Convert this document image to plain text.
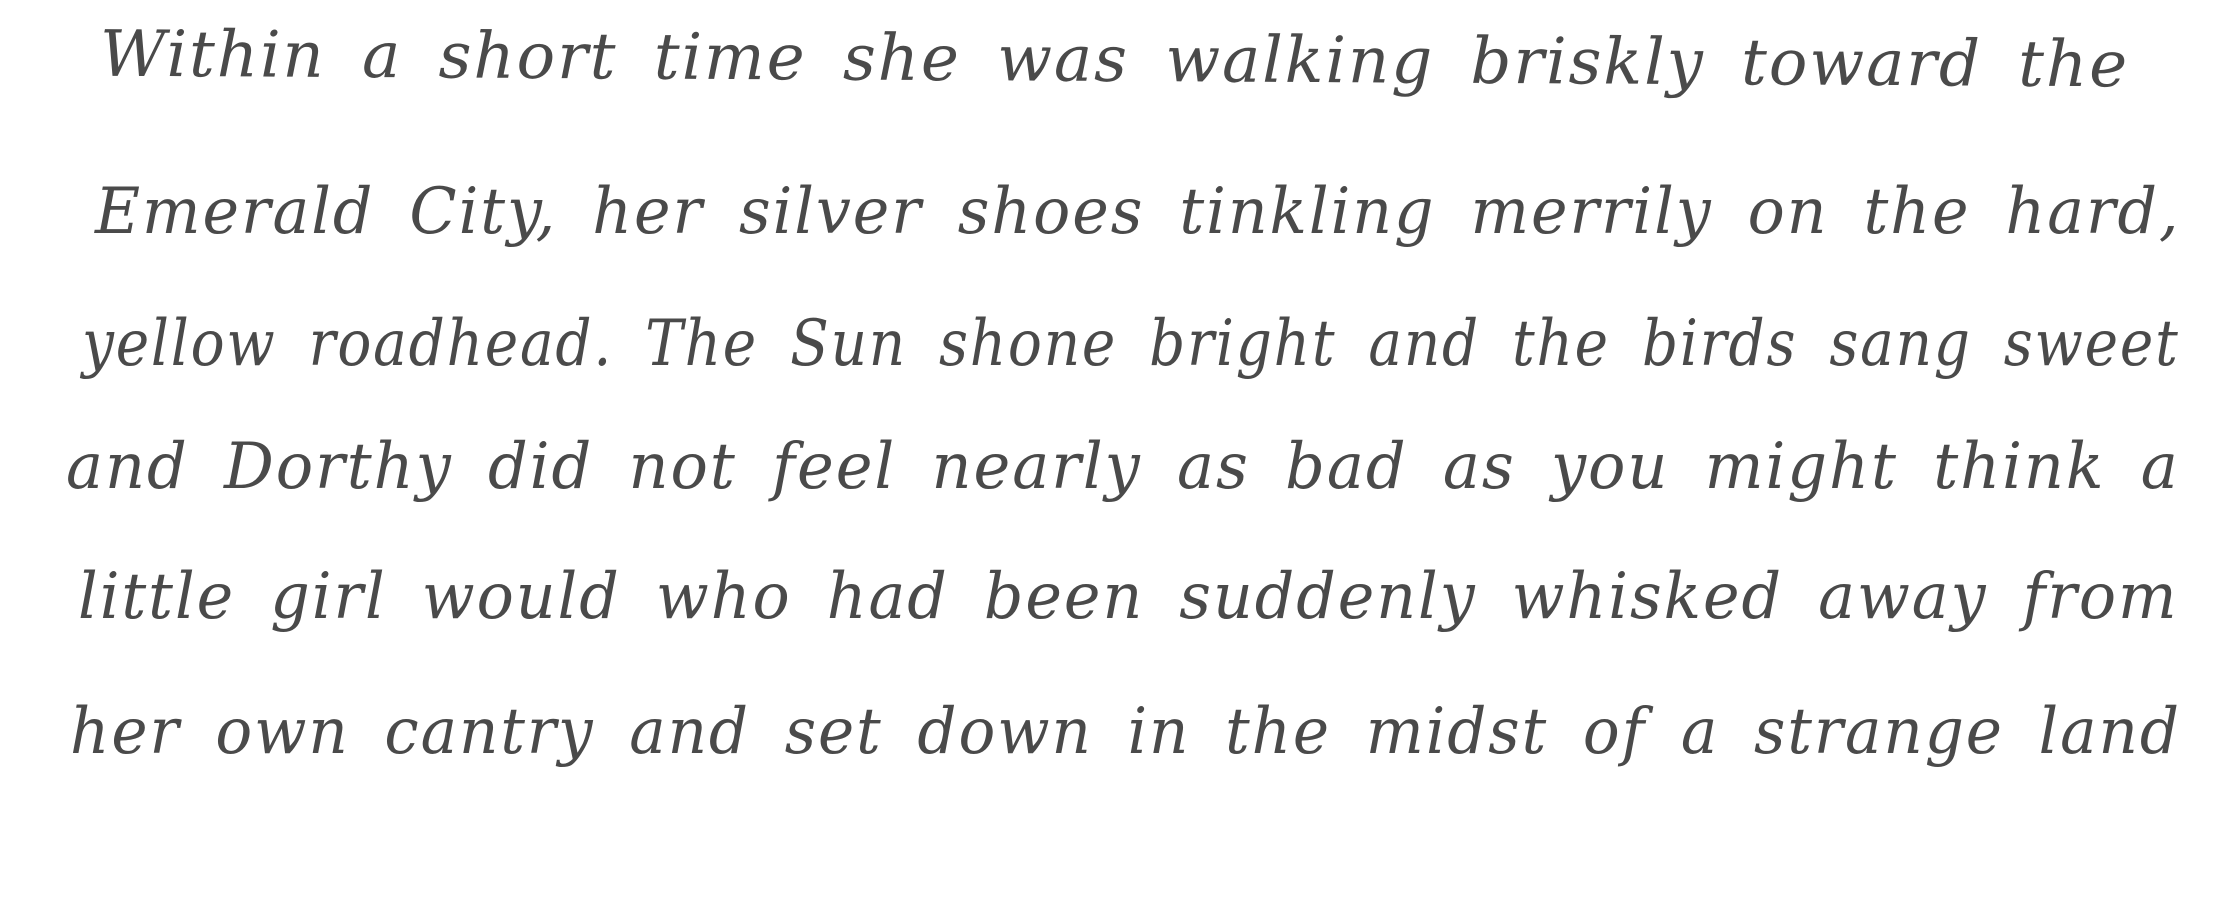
Within a short time she was walking briskly toward the
Emerald City, her silver shoes tinkling merrily on the hard,
yellow roadhead. The Sun shone bright and the birds sang sweet
and Dorthy did not feel nearly as bad as you might think a
little girl would who had been suddenly whisked away from
her own cantry and set down in the midst of a strange land
